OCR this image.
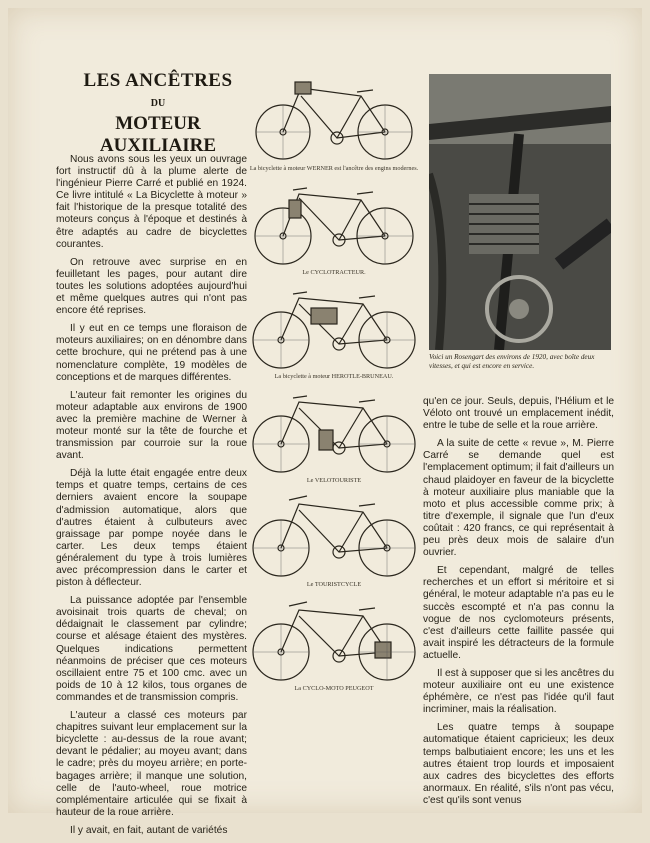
LES ANCÊTRES
DU
MOTEUR AUXILIAIRE

Nous avons sous les yeux un ouvrage fort instructif dû à la plume alerte de l'ingénieur Pierre Carré et publié en 1924. Ce livre intitulé « La Bicyclette à moteur » fait l'historique de la presque totalité des moteurs conçus à l'époque et destinés à être adaptés au cadre de bicyclettes courantes.

On retrouve avec surprise en en feuilletant les pages, pour autant dire toutes les solutions adoptées aujourd'hui et même quelques autres qui n'ont pas encore été reprises.

Il y eut en ce temps une floraison de moteurs auxiliaires; on en dénombre dans cette brochure, qui ne prétend pas à une nomenclature complète, 19 modèles de conceptions et de marques différentes.

L'auteur fait remonter les origines du moteur adaptable aux environs de 1900 avec la première machine de Werner à moteur monté sur la tête de fourche et transmission par courroie sur la roue avant.

Déjà la lutte était engagée entre deux temps et quatre temps, certains de ces derniers avaient encore la soupape d'admission automatique, alors que d'autres étaient à culbuteurs avec graissage par pompe noyée dans le carter. Les deux temps étaient généralement du type à trois lumières avec précompression dans le carter et piston à déflecteur.

La puissance adoptée par l'ensemble avoisinait trois quarts de cheval; on dédaignait le classement par cylindre; course et alésage étaient des mystères. Quelques indications permettent néanmoins de préciser que ces moteurs oscillaient entre 75 et 100 cmc. avec un poids de 10 à 12 kilos, tous organes de commandes et de transmission compris.

L'auteur a classé ces moteurs par chapitres suivant leur emplacement sur la bicyclette : au-dessus de la roue avant; devant le pédalier; au moyeu avant; dans le cadre; près du moyeu arrière; en porte-bagages arrière; il manque une solution, celle de l'auto-wheel, roue motrice complémentaire articulée qui se fixait à hauteur de la roue arrière.

Il y avait, en fait, autant de variétés

La bicyclette à moteur WERNER est l'ancêtre des engins modernes.
Le CYCLOTRACTEUR.
La bicyclette à moteur HEROTLE-BRUNEAU.
Le VELOTOURISTE
Le TOURISTCYCLE
La CYCLO-MOTO PEUGEOT
Voici un Rosengart des environs de 1920, avec boîte deux vitesses, et qui est encore en service.

qu'en ce jour. Seuls, depuis, l'Hélium et le Véloto ont trouvé un emplacement inédit, entre le tube de selle et la roue arrière.

A la suite de cette « revue », M. Pierre Carré se demande quel est l'emplacement optimum; il fait d'ailleurs un chaud plaidoyer en faveur de la bicyclette à moteur auxiliaire plus maniable que la moto et plus accessible comme prix; à titre d'exemple, il signale que l'un d'eux coûtait : 420 francs, ce qui représentait à peu près deux mois de salaire d'un ouvrier.

Et cependant, malgré de telles recherches et un effort si méritoire et si général, le moteur adaptable n'a pas eu le succès escompté et n'a pas connu la vogue de nos cyclomoteurs présents, c'est d'ailleurs cette faillite passée qui avait inspiré les détracteurs de la formule actuelle.

Il est à supposer que si les ancêtres du moteur auxiliaire ont eu une existence éphémère, ce n'est pas l'idée qu'il faut incriminer, mais la réalisation.

Les quatre temps à soupape automatique étaient capricieux; les deux temps balbutiaient encore; les uns et les autres étaient trop lourds et imposaient aux cadres des bicyclettes des efforts anormaux. En réalité, s'ils n'ont pas vécu, c'est qu'ils sont venus
